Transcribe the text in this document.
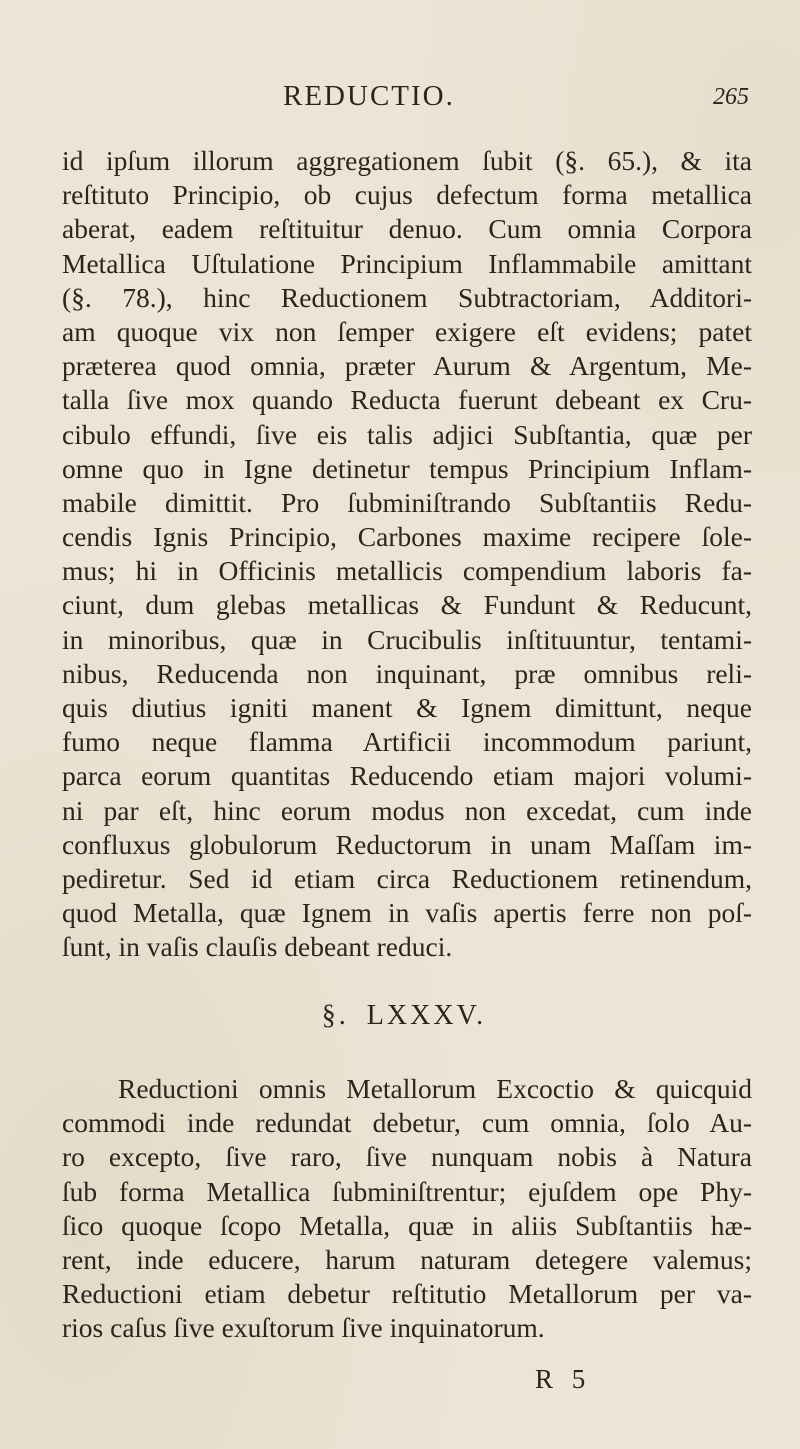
REDUCTIO.	265
id ipſum illorum aggregationem ſubit (§. 65.), & ita
reſtituto Principio, ob cujus defectum forma metallica
aberat, eadem reſtituitur denuo. Cum omnia Corpora
Metallica Uſtulatione Principium Inflammabile amittant
(§. 78.), hinc Reductionem Subtractoriam, Additori-
am quoque vix non ſemper exigere eſt evidens; patet
præterea quod omnia, præter Aurum & Argentum, Me-
talla ſive mox quando Reducta fuerunt debeant ex Cru-
cibulo effundi, ſive eis talis adjici Subſtantia, quæ per
omne quo in Igne detinetur tempus Principium Inflam-
mabile dimittit. Pro ſubminiſtrando Subſtantiis Redu-
cendis Ignis Principio, Carbones maxime recipere ſole-
mus; hi in Officinis metallicis compendium laboris fa-
ciunt, dum glebas metallicas & Fundunt & Reducunt,
in minoribus, quæ in Crucibulis inſtituuntur, tentami-
nibus, Reducenda non inquinant, præ omnibus reli-
quis diutius igniti manent & Ignem dimittunt, neque
fumo neque flamma Artificii incommodum pariunt,
parca eorum quantitas Reducendo etiam majori volumi-
ni par eſt, hinc eorum modus non excedat, cum inde
confluxus globulorum Reductorum in unam Maſſam im-
pediretur. Sed id etiam circa Reductionem retinendum,
quod Metalla, quæ Ignem in vaſis apertis ferre non poſ-
ſunt, in vaſis clauſis debeant reduci.
§. LXXXV.
Reductioni omnis Metallorum Excoctio & quicquid
commodi inde redundat debetur, cum omnia, ſolo Au-
ro excepto, ſive raro, ſive nunquam nobis à Natura
ſub forma Metallica ſubminiſtrentur; ejuſdem ope Phy-
ſico quoque ſcopo Metalla, quæ in aliis Subſtantiis hæ-
rent, inde educere, harum naturam detegere valemus;
Reductioni etiam debetur reſtitutio Metallorum per va-
rios caſus ſive exuſtorum ſive inquinatorum.
R 5
